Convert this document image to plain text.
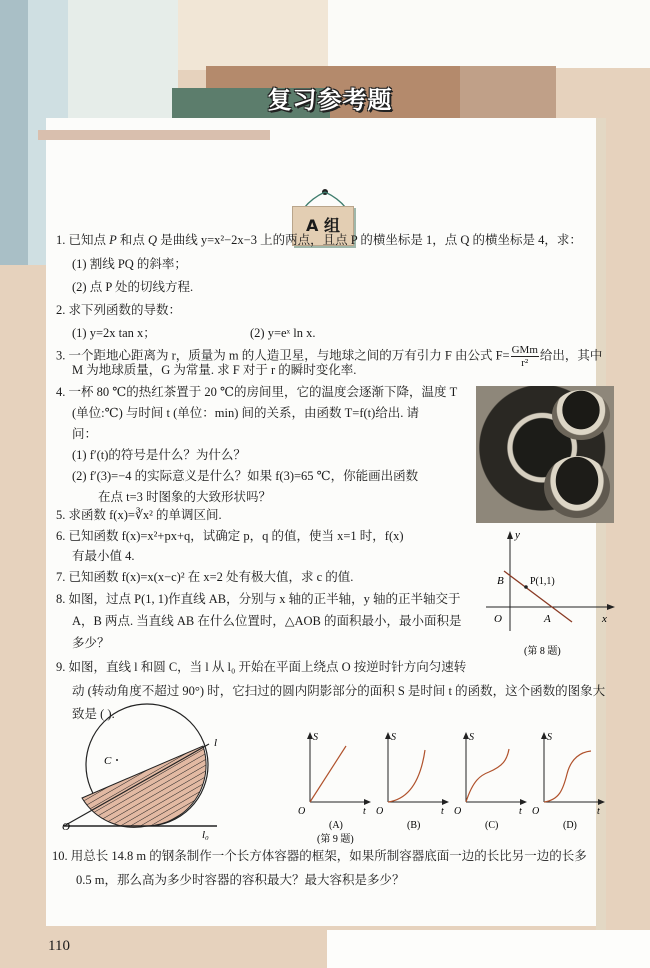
复习参考题
A 组
1. 已知点 P 和点 Q 是曲线 y=x²−2x−3 上的两点，且点 P 的横坐标是 1，点 Q 的横坐标是 4，求：
(1) 割线 PQ 的斜率；
(2) 点 P 处的切线方程.
2. 求下列函数的导数：
(1) y=2x tan x；	(2) y=eˣ ln x.
3. 一个距地心距离为 r，质量为 m 的人造卫星，与地球之间的万有引力 F 由公式 $F= \frac{\text{GMm}}{\text{r²}}$ 给出，其中
M 为地球质量，G 为常量. 求 F 对于 r 的瞬时变化率.
4. 一杯 80 ℃的热红茶置于 20 ℃的房间里，它的温度会逐渐下降，温度 T
(单位:℃) 与时间 t (单位：min) 间的关系，由函数 T=f(t)给出. 请
问：
(1) f′(t)的符号是什么？为什么？
(2) f′(3)=−4 的实际意义是什么？如果 f(3)=65 ℃，你能画出函数
在点 t=3 时图象的大致形状吗？
5. 求函数 f(x)=∛x² 的单调区间.
6. 已知函数 f(x)=x²+px+q，试确定 p，q 的值，使当 x=1 时，f(x)
有最小值 4.
7. 已知函数 f(x)=x(x−c)² 在 x=2 处有极大值，求 c 的值.
8. 如图，过点 P(1, 1)作直线 AB，分别与 x 轴的正半轴，y 轴的正半轴交于
A，B 两点. 当直线 AB 在什么位置时，△AOB 的面积最小，最小面积是
多少？
y
x
O	A
B	P(1,1)
(第 8 题)
9. 如图，直线 l 和圆 C，当 l 从 l₀ 开始在平面上绕点 O 按逆时针方向匀速转
动 (转动角度不超过 90°) 时，它扫过的圆内阴影部分的面积 S 是时间 t 的函数，这个函数的图象大
致是 ( ).
C
l
l₀
O
S
t
O
(A)
S
t
O
(B)
S
t
O
(C)
S
t
O
(D)
(第 9 题)
10. 用总长 14.8 m 的钢条制作一个长方体容器的框架，如果所制容器底面一边的长比另一边的长多
0.5 m，那么高为多少时容器的容积最大？最大容积是多少？
110
